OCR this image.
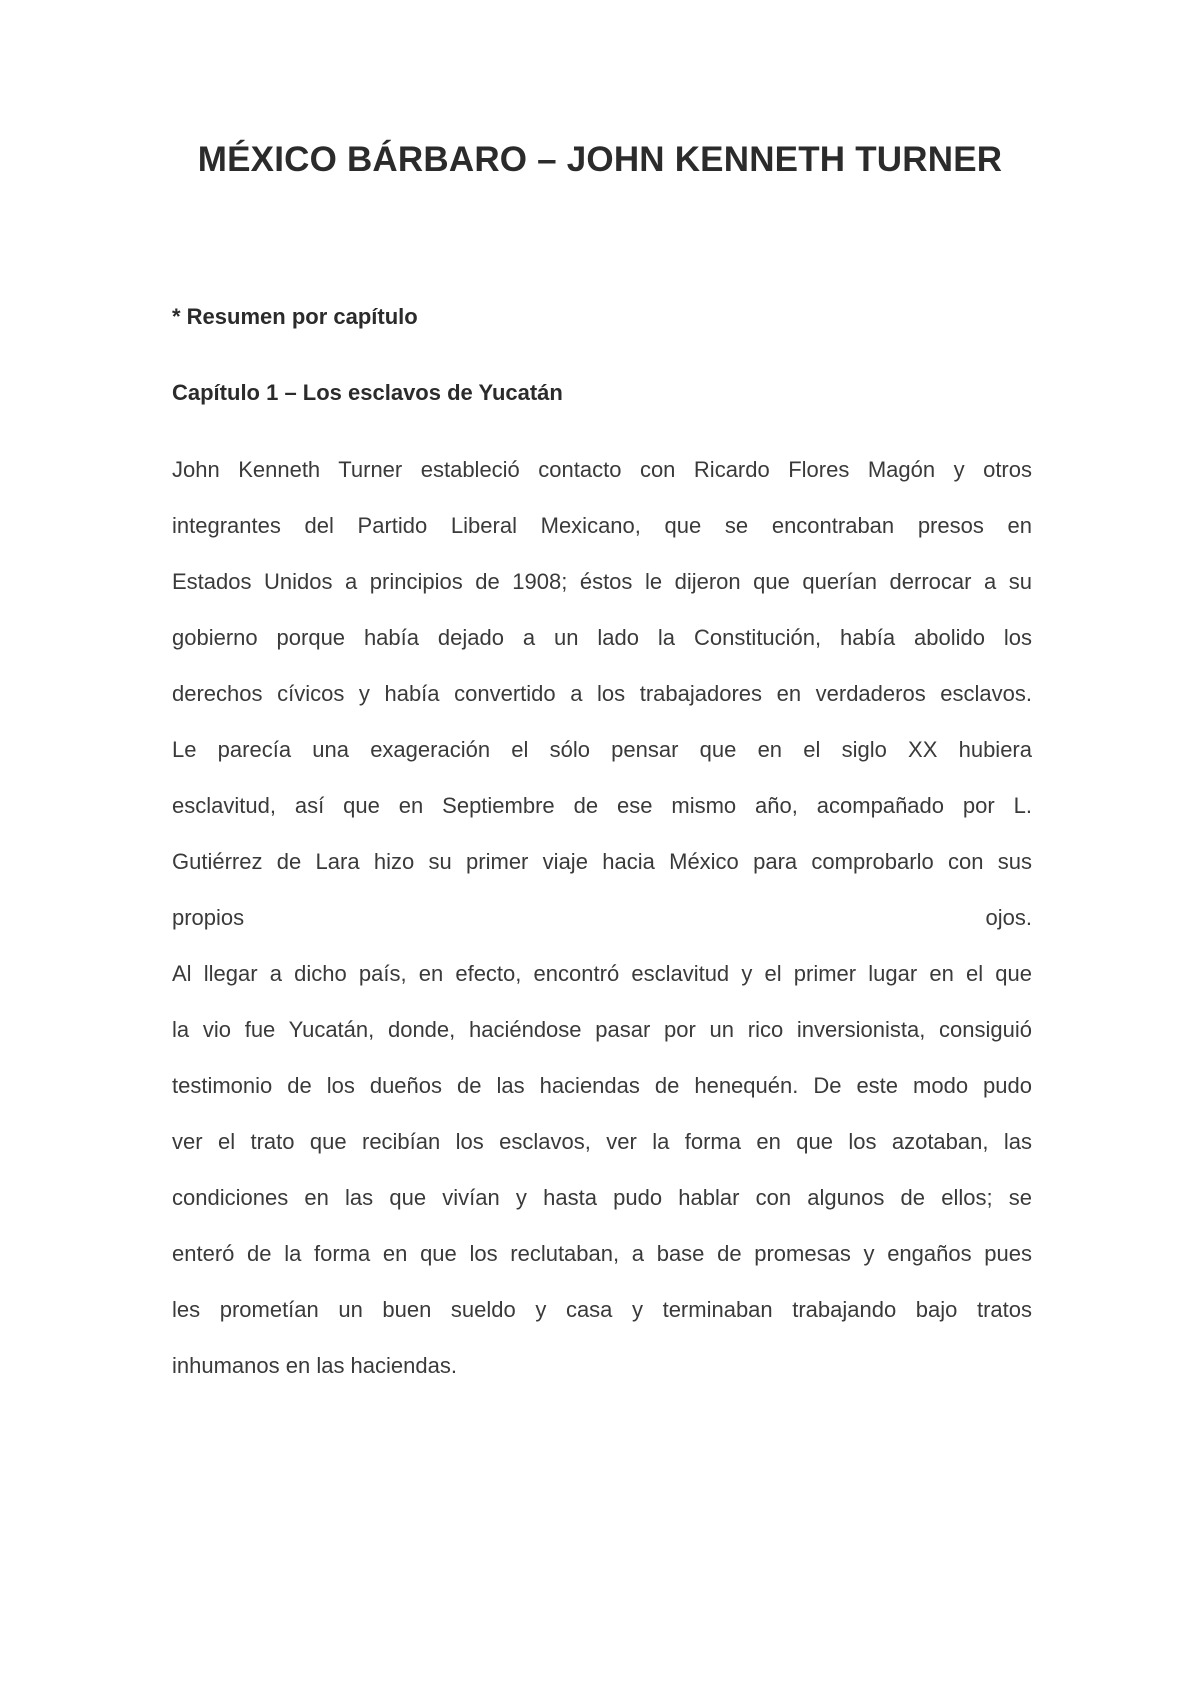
MÉXICO BÁRBARO – JOHN KENNETH TURNER

* Resumen por capítulo

Capítulo 1 – Los esclavos de Yucatán
John Kenneth Turner estableció contacto con Ricardo Flores Magón y otros
integrantes del Partido Liberal Mexicano, que se encontraban presos en
Estados Unidos a principios de 1908; éstos le dijeron que querían derrocar a su
gobierno porque había dejado a un lado la Constitución, había abolido los
derechos cívicos y había convertido a los trabajadores en verdaderos esclavos.
Le parecía una exageración el sólo pensar que en el siglo XX hubiera
esclavitud, así que en Septiembre de ese mismo año, acompañado por L.
Gutiérrez de Lara hizo su primer viaje hacia México para comprobarlo con sus
propios ojos.
Al llegar a dicho país, en efecto, encontró esclavitud y el primer lugar en el que
la vio fue Yucatán, donde, haciéndose pasar por un rico inversionista, consiguió
testimonio de los dueños de las haciendas de henequén. De este modo pudo
ver el trato que recibían los esclavos, ver la forma en que los azotaban, las
condiciones en las que vivían y hasta pudo hablar con algunos de ellos; se
enteró de la forma en que los reclutaban, a base de promesas y engaños pues
les prometían un buen sueldo y casa y terminaban trabajando bajo tratos
inhumanos en las haciendas.
